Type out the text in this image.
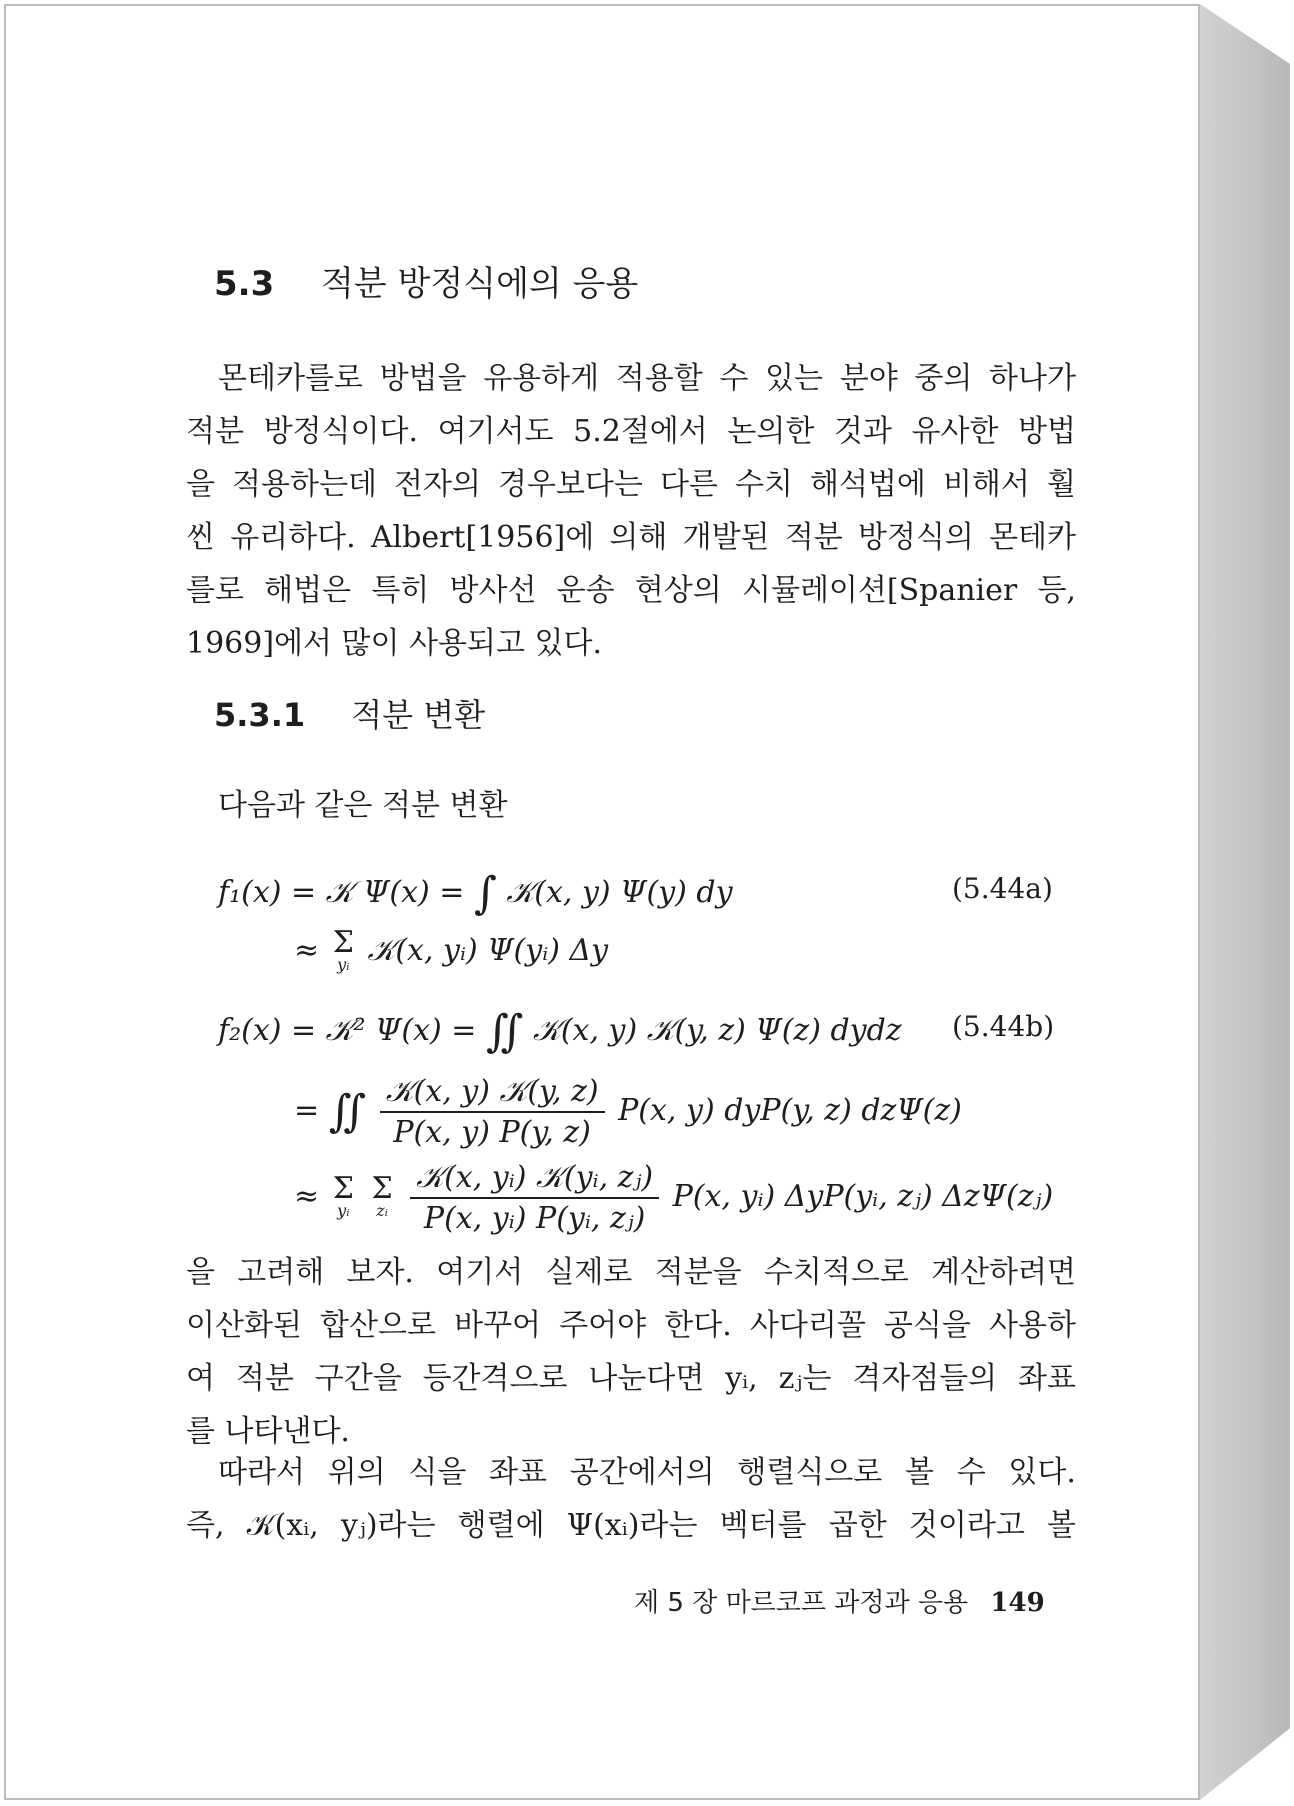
5.3 적분 방정식에의 응용
몬테카를로 방법을 유용하게 적용할 수 있는 분야 중의 하나가
적분 방정식이다. 여기서도 5.2절에서 논의한 것과 유사한 방법
을 적용하는데 전자의 경우보다는 다른 수치 해석법에 비해서 훨
씬 유리하다. Albert[1956]에 의해 개발된 적분 방정식의 몬테카
를로 해법은 특히 방사선 운송 현상의 시뮬레이션[Spanier 등,
1969]에서 많이 사용되고 있다.
5.3.1 적분 변환
다음과 같은 적분 변환
f₁(x) = 𝒦 Ψ(x) = ∫ 𝒦(x, y) Ψ(y) dy	(5.44a)
≈ Σ
yᵢ 𝒦(x, yᵢ) Ψ(yᵢ) Δy
f₂(x) = 𝒦² Ψ(x) = ∬ 𝒦(x, y) 𝒦(y, z) Ψ(z) dydz (5.44b)
= ∬ $\frac{\text{𝒦(x, y) 𝒦(y, z)}}{P(x, y) P(y, z)} P(x$, y) dyP(y, z) dzΨ(z)
≈ Σ
yᵢ

Σ
zᵢ
$\frac{\text{𝒦(x, yᵢ) 𝒦(yᵢ, zⱼ)}}{\text{P(x, yᵢ) P(yᵢ, zⱼ)}} P(x$, yᵢ) ΔyP(yᵢ, zⱼ) ΔzΨ(zⱼ)
을 고려해 보자. 여기서 실제로 적분을 수치적으로 계산하려면
이산화된 합산으로 바꾸어 주어야 한다. 사다리꼴 공식을 사용하
여 적분 구간을 등간격으로 나눈다면 yᵢ, zⱼ는 격자점들의 좌표
를 나타낸다.
따라서 위의 식을 좌표 공간에서의 행렬식으로 볼 수 있다.
즉, 𝒦(xᵢ, yⱼ)라는 행렬에 Ψ(xᵢ)라는 벡터를 곱한 것이라고 볼
제 5 장 마르코프 과정과 응용 149
